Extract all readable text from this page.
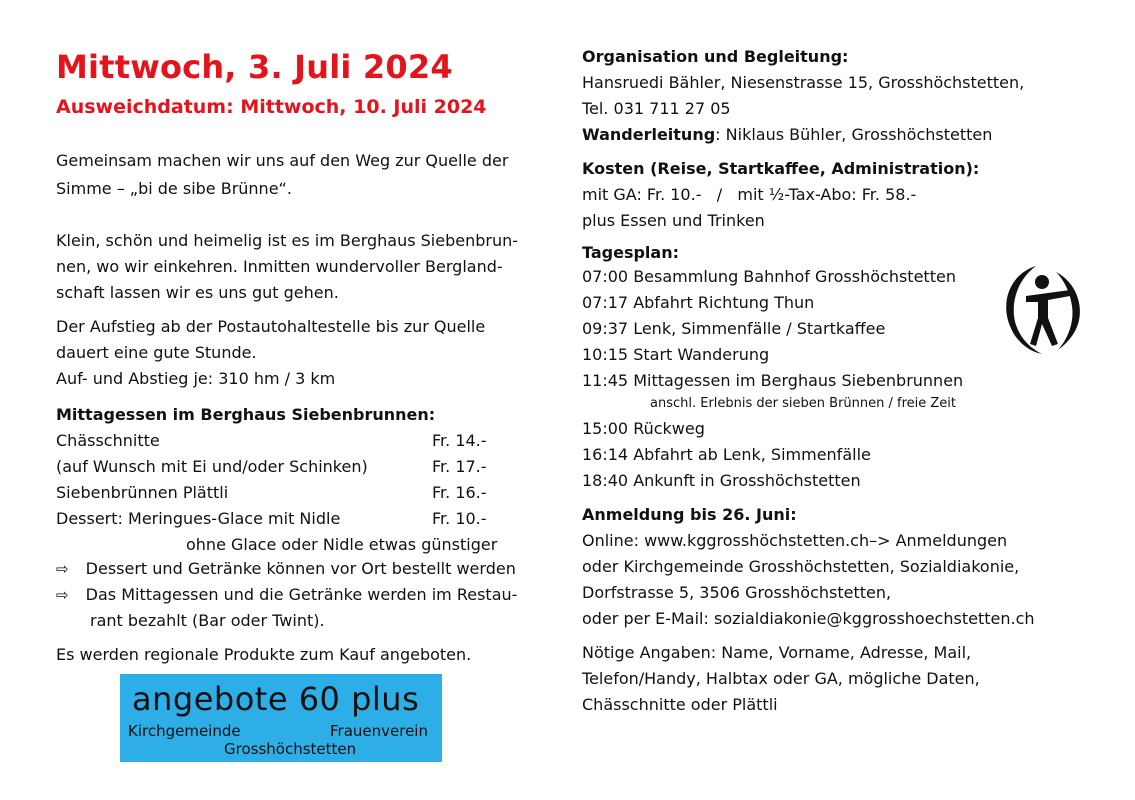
Mittwoch, 3. Juli 2024
Ausweichdatum: Mittwoch, 10. Juli 2024
Gemeinsam machen wir uns auf den Weg zur Quelle der
Simme – „bi de sibe Brünne“.
Klein, schön und heimelig ist es im Berghaus Siebenbrun-
nen, wo wir einkehren. Inmitten wundervoller Bergland-
schaft lassen wir es uns gut gehen.
Der Aufstieg ab der Postautohaltestelle bis zur Quelle
dauert eine gute Stunde.
Auf- und Abstieg je: 310 hm / 3 km
Mittagessen im Berghaus Siebenbrunnen:
Chässchnitte	Fr. 14.-
(auf Wunsch mit Ei und/oder Schinken)	Fr. 17.-
Siebenbrünnen Plättli	Fr. 16.-
Dessert: Meringues-Glace mit Nidle	Fr. 10.-
ohne Glace oder Nidle etwas günstiger
⇨ Dessert und Getränke können vor Ort bestellt werden
⇨ Das Mittagessen und die Getränke werden im Restau-
rant bezahlt (Bar oder Twint).
Es werden regionale Produkte zum Kauf angeboten.
angebote 60 plus
Kirchgemeinde	Frauenverein
Grosshöchstetten
Organisation und Begleitung:
Hansruedi Bähler, Niesenstrasse 15, Grosshöchstetten,
Tel. 031 711 27 05
Wanderleitung: Niklaus Bühler, Grosshöchstetten
Kosten (Reise, Startkaffee, Administration):
mit GA: Fr. 10.-   /   mit ½-Tax-Abo: Fr. 58.-
plus Essen und Trinken
Tagesplan:
07:00 Besammlung Bahnhof Grosshöchstetten
07:17 Abfahrt Richtung Thun
09:37 Lenk, Simmenfälle / Startkaffee
10:15 Start Wanderung
11:45 Mittagessen im Berghaus Siebenbrunnen
anschl. Erlebnis der sieben Brünnen / freie Zeit
15:00 Rückweg
16:14 Abfahrt ab Lenk, Simmenfälle
18:40 Ankunft in Grosshöchstetten
Anmeldung bis 26. Juni:
Online: www.kggrosshöchstetten.ch–> Anmeldungen
oder Kirchgemeinde Grosshöchstetten, Sozialdiakonie,
Dorfstrasse 5, 3506 Grosshöchstetten,
oder per E-Mail: sozialdiakonie@kggrosshoechstetten.ch
Nötige Angaben: Name, Vorname, Adresse, Mail,
Telefon/Handy, Halbtax oder GA, mögliche Daten,
Chässchnitte oder Plättli
